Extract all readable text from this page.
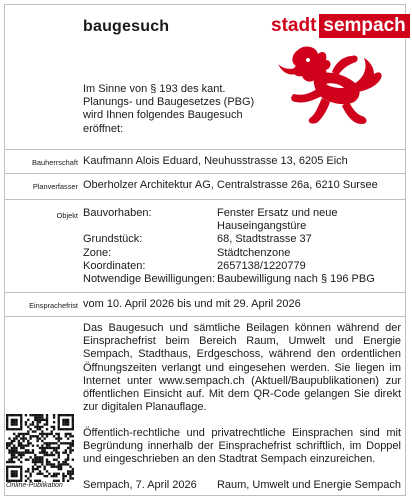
baugesuch	stadt sempach
Im Sinne von § 193 des kant. Planungs- und Baugesetzes (PBG) wird Ihnen folgendes Baugesuch eröffnet:
Bauherrschaft Kaufmann Alois Eduard, Neuhusstrasse 13, 6205 Eich
Planverfasser Oberholzer Architektur AG, Centralstrasse 26a, 6210 Sursee
Objekt Bauvorhaben:	Fenster Ersatz und neue
Hauseingangstüre
Grundstück:	68, Stadtstrasse 37
Zone:	Städtchenzone
Koordinaten:	2657138/1220779
Notwendige Bewilligungen: Baubewilligung nach § 196 PBG
Einsprachefrist vom 10. April 2026 bis und mit 29. April 2026
Das Baugesuch und sämtliche Beilagen können während der Einsprachefrist beim Bereich Raum, Umwelt und Energie Sempach, Stadthaus, Erdgeschoss, während den ordentlichen Öffnungszeiten verlangt und eingesehen werden. Sie liegen im Internet unter www.sempach.ch (Aktuell/Baupublikationen) zur öffentlichen Einsicht auf. Mit dem QR-Code gelangen Sie direkt zur digitalen Planauflage.
Öffentlich-rechtliche und privatrechtliche Einsprachen sind mit Begründung innerhalb der Einsprachefrist schriftlich, im Doppel und eingeschrieben an den Stadtrat Sempach einzureichen.
Online-Publikation Sempach, 7. April 2026 Raum, Umwelt und Energie Sempach
